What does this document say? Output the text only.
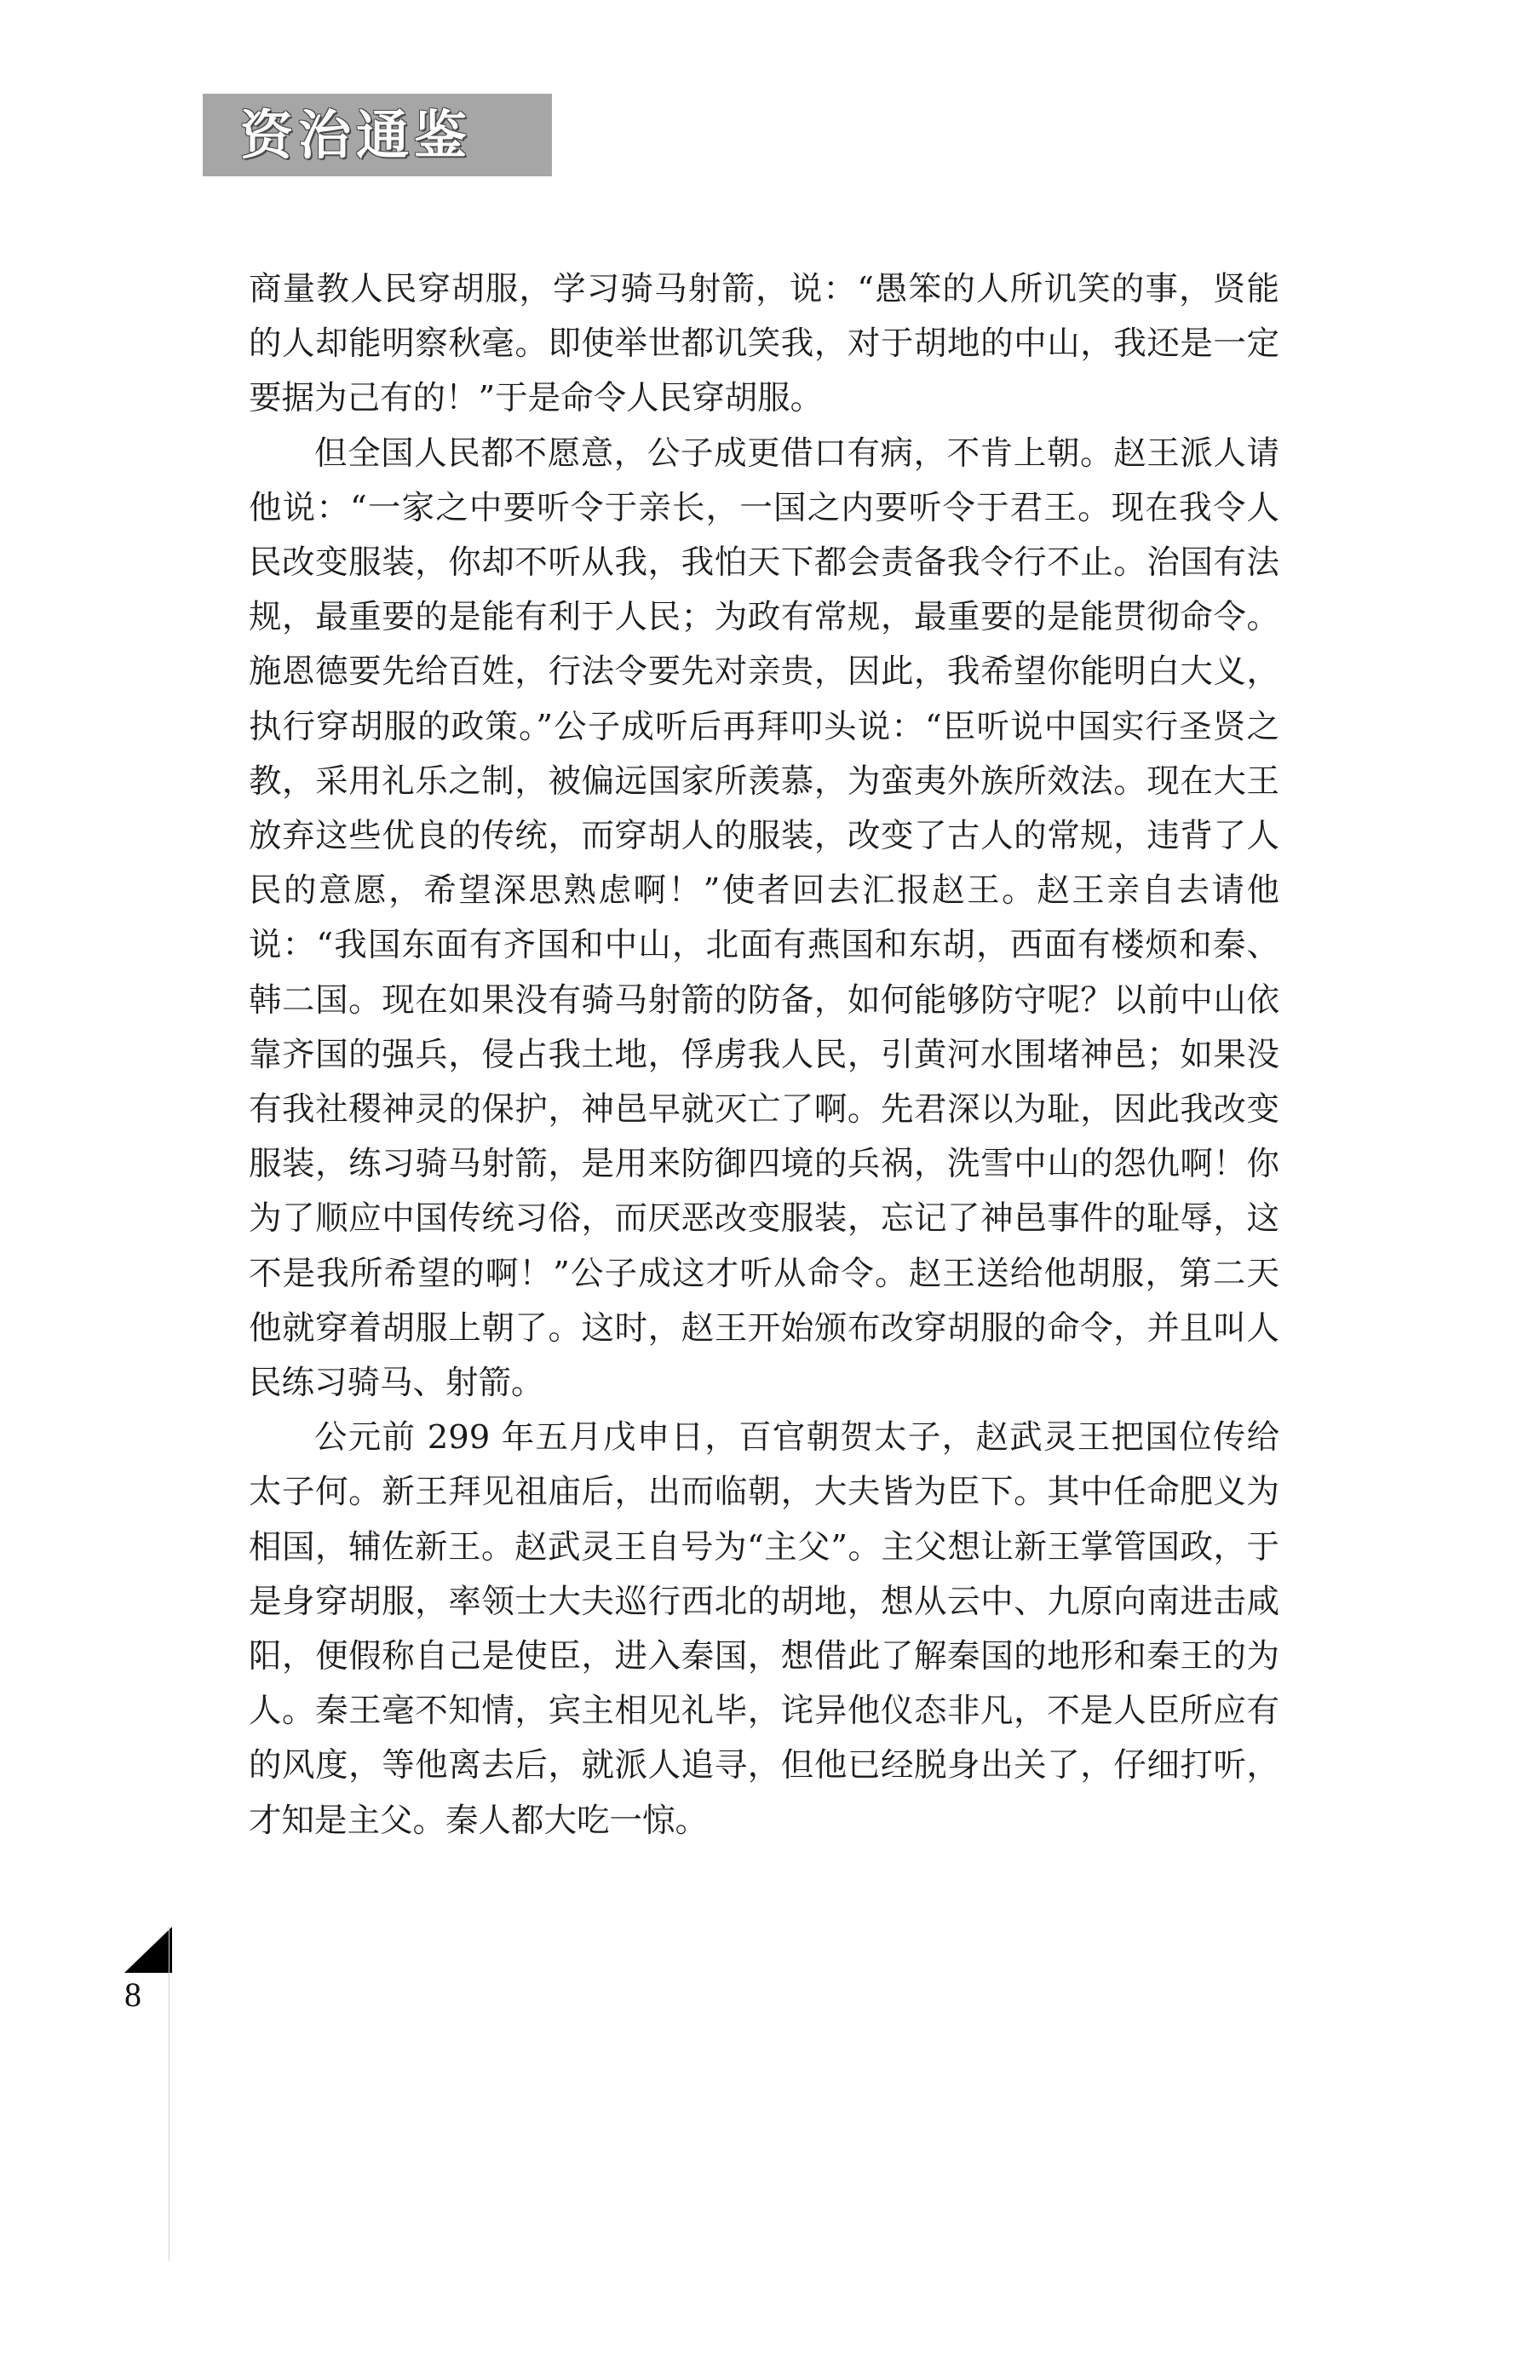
资治通鉴

商量教人民穿胡服，学习骑马射箭，说：“愚笨的人所讥笑的事，贤能的人却能明察秋毫。即使举世都讥笑我，对于胡地的中山，我还是一定要据为己有的！”于是命令人民穿胡服。

但全国人民都不愿意，公子成更借口有病，不肯上朝。赵王派人请他说：“一家之中要听令于亲长，一国之内要听令于君王。现在我令人民改变服装，你却不听从我，我怕天下都会责备我令行不止。治国有法规，最重要的是能有利于人民；为政有常规，最重要的是能贯彻命令。施恩德要先给百姓，行法令要先对亲贵，因此，我希望你能明白大义，执行穿胡服的政策。”公子成听后再拜叩头说：“臣听说中国实行圣贤之教，采用礼乐之制，被偏远国家所羡慕，为蛮夷外族所效法。现在大王放弃这些优良的传统，而穿胡人的服装，改变了古人的常规，违背了人民的意愿，希望深思熟虑啊！”使者回去汇报赵王。赵王亲自去请他说：“我国东面有齐国和中山，北面有燕国和东胡，西面有楼烦和秦、韩二国。现在如果没有骑马射箭的防备，如何能够防守呢？以前中山依靠齐国的强兵，侵占我土地，俘虏我人民，引黄河水围堵神邑；如果没有我社稷神灵的保护，神邑早就灭亡了啊。先君深以为耻，因此我改变服装，练习骑马射箭，是用来防御四境的兵祸，洗雪中山的怨仇啊！你为了顺应中国传统习俗，而厌恶改变服装，忘记了神邑事件的耻辱，这不是我所希望的啊！”公子成这才听从命令。赵王送给他胡服，第二天他就穿着胡服上朝了。这时，赵王开始颁布改穿胡服的命令，并且叫人民练习骑马、射箭。

公元前 299 年五月戊申日，百官朝贺太子，赵武灵王把国位传给太子何。新王拜见祖庙后，出而临朝，大夫皆为臣下。其中任命肥义为相国，辅佐新王。赵武灵王自号为“主父”。主父想让新王掌管国政，于是身穿胡服，率领士大夫巡行西北的胡地，想从云中、九原向南进击咸阳，便假称自己是使臣，进入秦国，想借此了解秦国的地形和秦王的为人。秦王毫不知情，宾主相见礼毕，诧异他仪态非凡，不是人臣所应有的风度，等他离去后，就派人追寻，但他已经脱身出关了，仔细打听，才知是主父。秦人都大吃一惊。

8
